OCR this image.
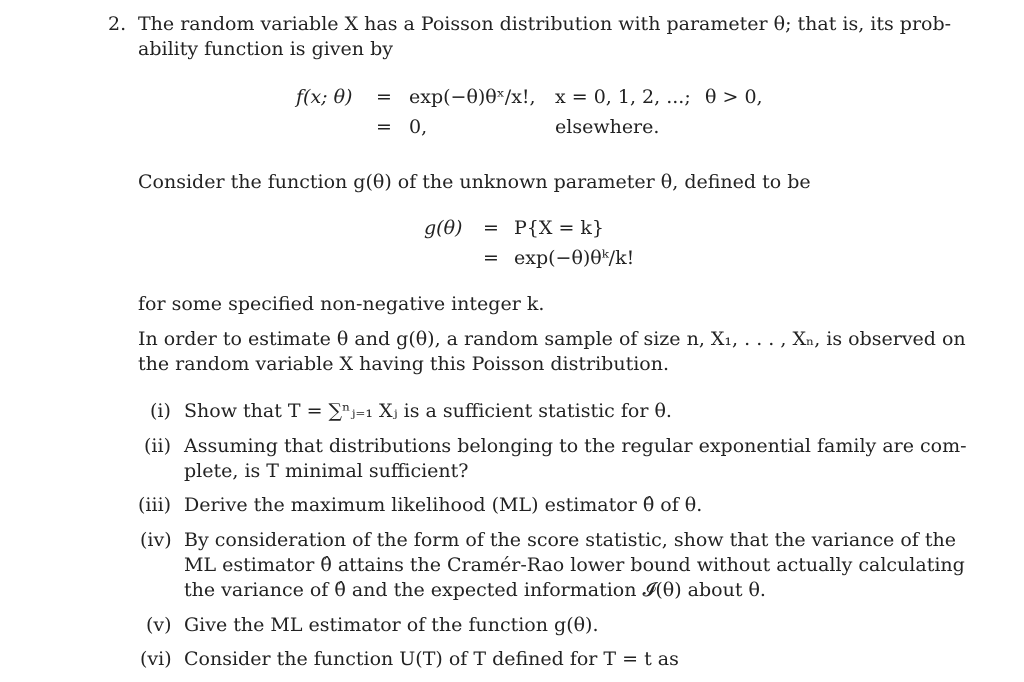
2. The random variable X has a Poisson distribution with parameter θ; that is, its prob-
ability function is given by
f(x; θ) = exp(−θ)θˣ/x!, x = 0, 1, 2, ...; θ > 0,
= 0,	elsewhere.
Consider the function g(θ) of the unknown parameter θ, defined to be
g(θ) = P{X = k}
= exp(−θ)θᵏ/k!
for some specified non-negative integer k.
In order to estimate θ and g(θ), a random sample of size n, X₁, . . . , Xₙ, is observed on
the random variable X having this Poisson distribution.
(i) Show that T = ∑ⁿⱼ₌₁ Xⱼ is a sufficient statistic for θ.
(ii) Assuming that distributions belonging to the regular exponential family are com-
plete, is T minimal sufficient?
(iii) Derive the maximum likelihood (ML) estimator θ̂ of θ.
(iv) By consideration of the form of the score statistic, show that the variance of the
ML estimator θ̂ attains the Cramér-Rao lower bound without actually calculating
the variance of θ̂ and the expected information 𝓘(θ) about θ.
(v) Give the ML estimator of the function g(θ).
(vi) Consider the function U(T) of T defined for T = t as
